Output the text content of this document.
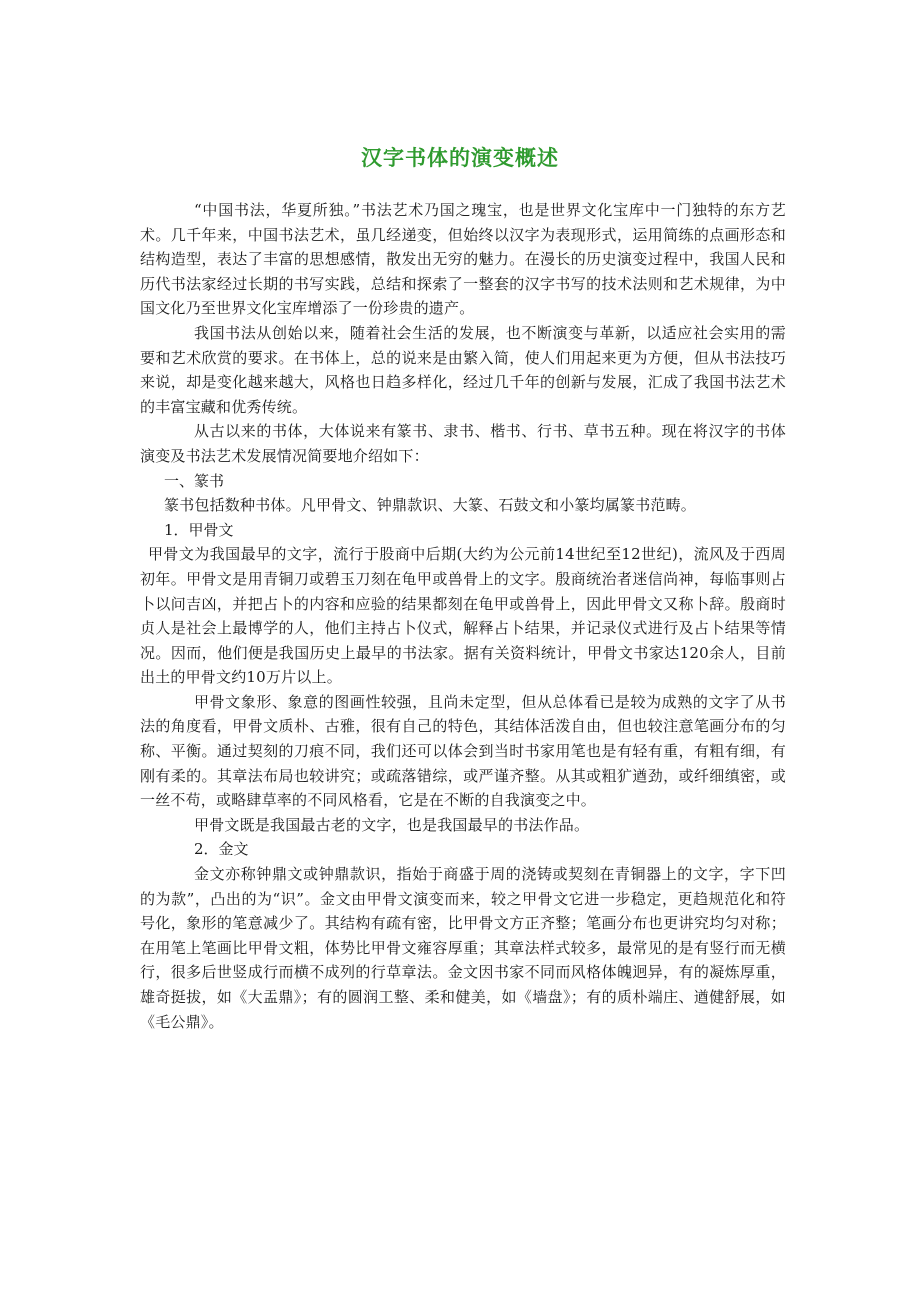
汉字书体的演变概述

“中国书法，华夏所独。”书法艺术乃国之瑰宝，也是世界文化宝库中一门独特的东方艺术。几千年来，中国书法艺术，虽几经递变，但始终以汉字为表现形式，运用简练的点画形态和结构造型，表达了丰富的思想感情，散发出无穷的魅力。在漫长的历史演变过程中，我国人民和历代书法家经过长期的书写实践，总结和探索了一整套的汉字书写的技术法则和艺术规律，为中国文化乃至世界文化宝库增添了一份珍贵的遗产。

我国书法从创始以来，随着社会生活的发展，也不断演变与革新，以适应社会实用的需要和艺术欣赏的要求。在书体上，总的说来是由繁入简，使人们用起来更为方便，但从书法技巧来说，却是变化越来越大，风格也日趋多样化，经过几千年的创新与发展，汇成了我国书法艺术的丰富宝藏和优秀传统。

从古以来的书体，大体说来有篆书、隶书、楷书、行书、草书五种。现在将汉字的书体演变及书法艺术发展情况简要地介绍如下：

一、篆书

篆书包括数种书体。凡甲骨文、钟鼎款识、大篆、石鼓文和小篆均属篆书范畴。

1．甲骨文

甲骨文为我国最早的文字，流行于股商中后期(大约为公元前14世纪至12世纪)，流风及于西周初年。甲骨文是用青铜刀或碧玉刀刻在龟甲或兽骨上的文字。殷商统治者迷信尚神，每临事则占卜以问吉凶，并把占卜的内容和应验的结果都刻在龟甲或兽骨上，因此甲骨文又称卜辞。殷商时贞人是社会上最博学的人，他们主持占卜仪式，解释占卜结果，并记录仪式进行及占卜结果等情况。因而，他们便是我国历史上最早的书法家。据有关资料统计，甲骨文书家达120余人，目前出土的甲骨文约10万片以上。

甲骨文象形、象意的图画性较强，且尚未定型，但从总体看已是较为成熟的文字了从书法的角度看，甲骨文质朴、古雅，很有自己的特色，其结体活泼自由，但也较注意笔画分布的匀称、平衡。通过契刻的刀痕不同，我们还可以体会到当时书家用笔也是有轻有重，有粗有细，有刚有柔的。其章法布局也较讲究；或疏落错综，或严谨齐整。从其或粗犷遒劲，或纤细缜密，或一丝不苟，或略肆草率的不同风格看，它是在不断的自我演变之中。

甲骨文既是我国最古老的文字，也是我国最早的书法作品。

2．金文

金文亦称钟鼎文或钟鼎款识，指始于商盛于周的浇铸或契刻在青铜器上的文字，字下凹的为款”，凸出的为“识”。金文由甲骨文演变而来，较之甲骨文它进一步稳定，更趋规范化和符号化，象形的笔意减少了。其结构有疏有密，比甲骨文方正齐整；笔画分布也更讲究均匀对称；在用笔上笔画比甲骨文粗，体势比甲骨文雍容厚重；其章法样式较多，最常见的是有竖行而无横行，很多后世竖成行而横不成列的行草章法。金文因书家不同而风格体魄迥异，有的凝炼厚重，雄奇挺拔，如《大盂鼎》；有的圆润工整、柔和健美，如《墙盘》；有的质朴端庄、遒健舒展，如《毛公鼎》。
